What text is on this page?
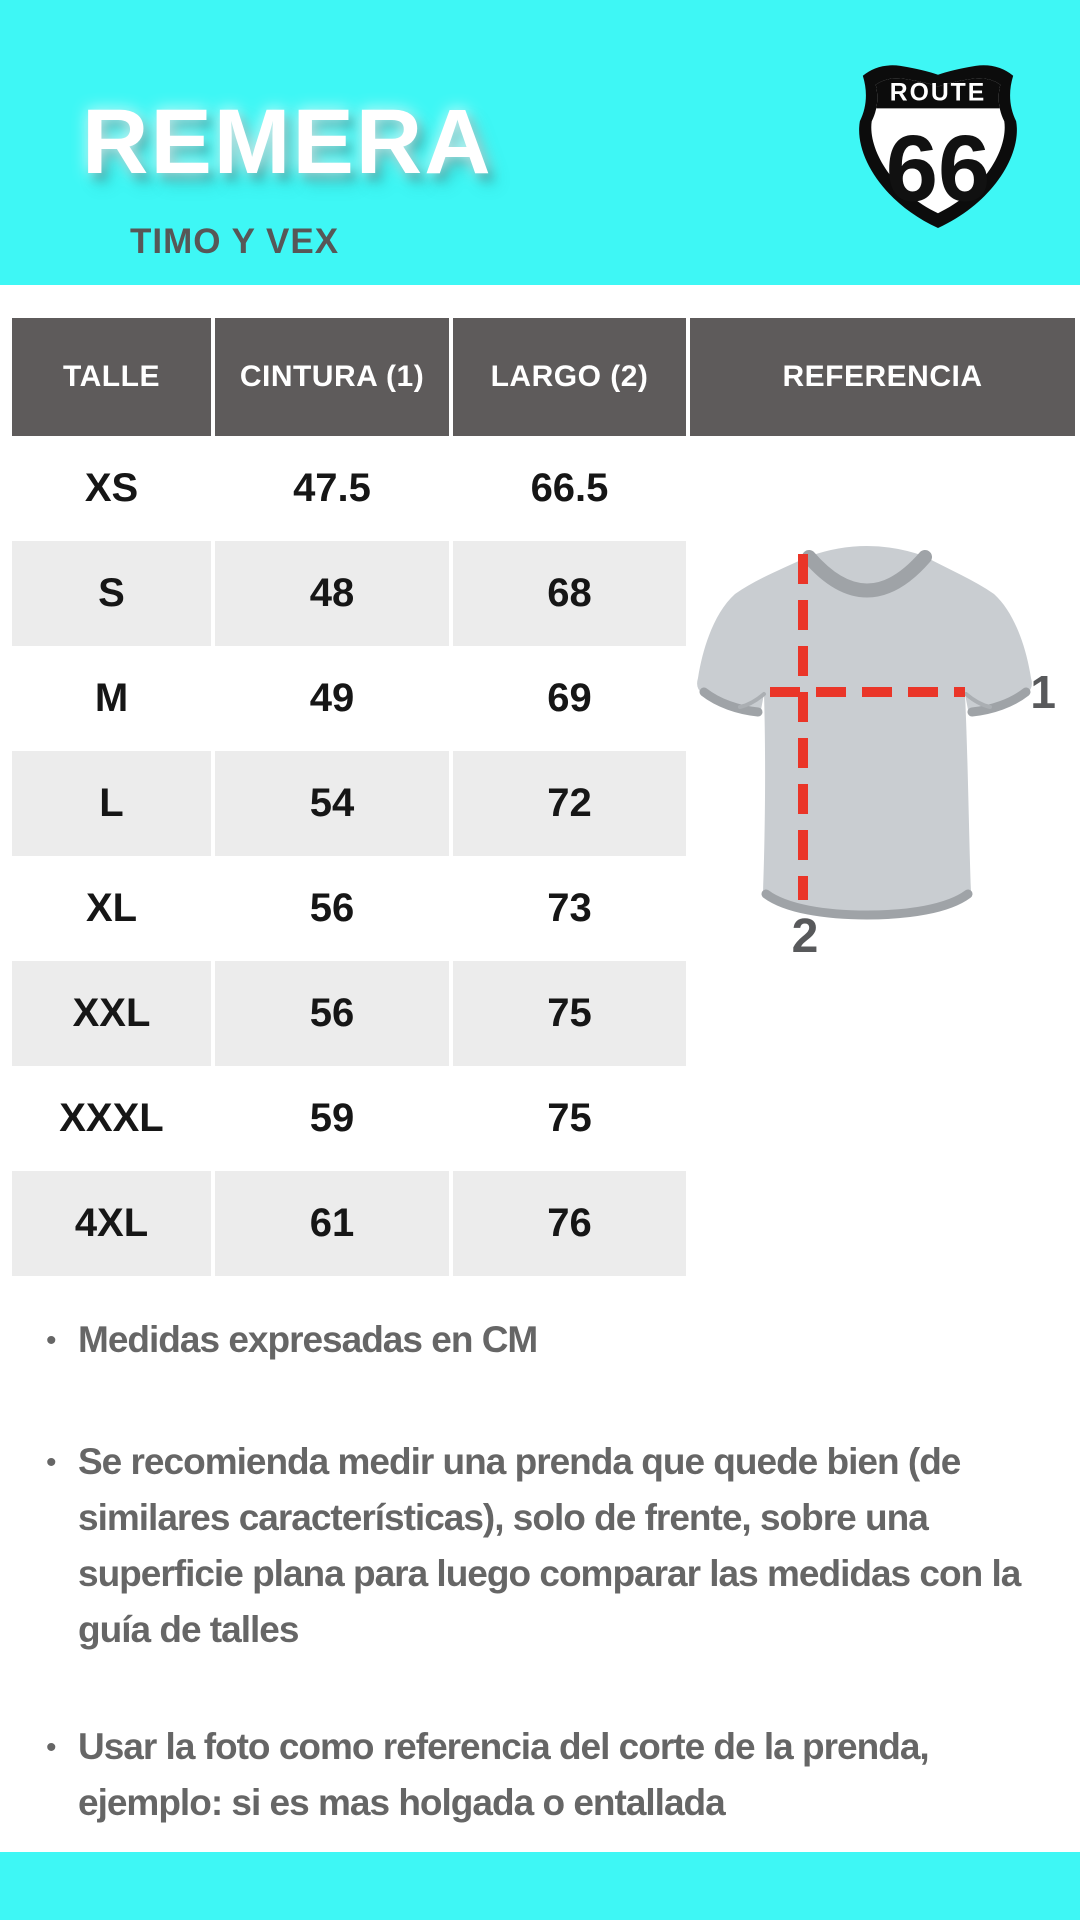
REMERA
TIMO Y VEX
ROUTE
66
TALLE	CINTURA (1)	LARGO (2)	REFERENCIA
XS	47.5	66.5
S	48	68
M	49	69
L	54	72
XL	56	73
XXL	56	75
XXXL	59	75
4XL	61	76
1
2
• Medidas expresadas en CM
• Se recomienda medir una prenda que quede bien (de
similares características), solo de frente, sobre una
superficie plana para luego comparar las medidas con la
guía de talles
• Usar la foto como referencia del corte de la prenda,
ejemplo: si es mas holgada o entallada
